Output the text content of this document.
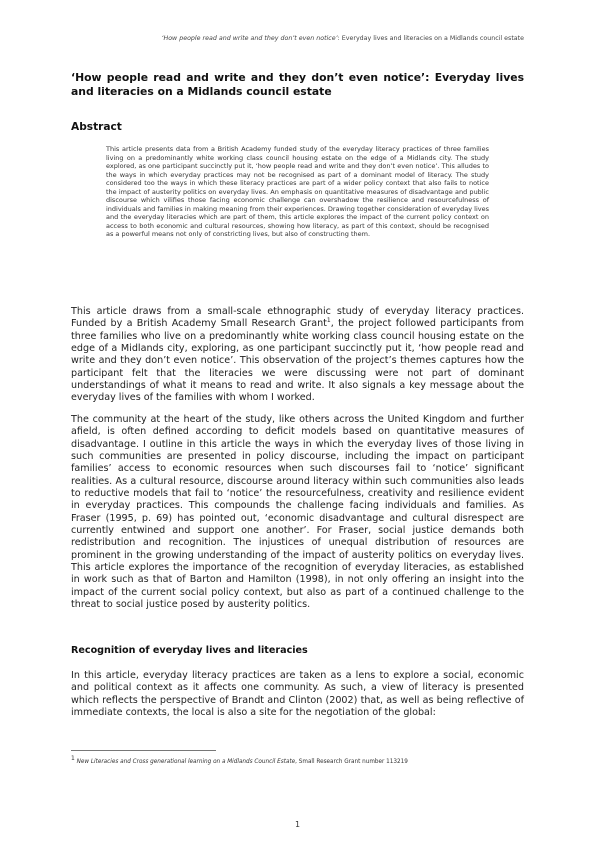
‘How people read and write and they don’t even notice’: Everyday lives and literacies on a Midlands council estate
‘How people read and write and they don’t even notice’: Everyday lives and literacies on a Midlands council estate
Abstract
This article presents data from a British Academy funded study of the everyday literacy practices of three families living on a predominantly white working class council housing estate on the edge of a Midlands city. The study explored, as one participant succinctly put it, ‘how people read and write and they don’t even notice’. This alludes to the ways in which everyday practices may not be recognised as part of a dominant model of literacy. The study considered too the ways in which these literacy practices are part of a wider policy context that also fails to notice the impact of austerity politics on everyday lives. An emphasis on quantitative measures of disadvantage and public discourse which vilifies those facing economic challenge can overshadow the resilience and resourcefulness of individuals and families in making meaning from their experiences. Drawing together consideration of everyday lives and the everyday literacies which are part of them, this article explores the impact of the current policy context on access to both economic and cultural resources, showing how literacy, as part of this context, should be recognised as a powerful means not only of constricting lives, but also of constructing them.
This article draws from a small-scale ethnographic study of everyday literacy practices. Funded by a British Academy Small Research Grant$^1$, the project followed participants from three families who live on a predominantly white working class council housing estate on the edge of a Midlands city, exploring, as one participant succinctly put it, ‘how people read and write and they don’t even notice’. This observation of the project’s themes captures how the participant felt that the literacies we were discussing were not part of dominant understandings of what it means to read and write. It also signals a key message about the everyday lives of the families with whom I worked.
The community at the heart of the study, like others across the United Kingdom and further afield, is often defined according to deficit models based on quantitative measures of disadvantage. I outline in this article the ways in which the everyday lives of those living in such communities are presented in policy discourse, including the impact on participant families’ access to economic resources when such discourses fail to ‘notice’ significant realities. As a cultural resource, discourse around literacy within such communities also leads to reductive models that fail to ‘notice’ the resourcefulness, creativity and resilience evident in everyday practices. This compounds the challenge facing individuals and families. As Fraser (1995, p. 69) has pointed out, ‘economic disadvantage and cultural disrespect are currently entwined and support one another’. For Fraser, social justice demands both redistribution and recognition. The injustices of unequal distribution of resources are prominent in the growing understanding of the impact of austerity politics on everyday lives. This article explores the importance of the recognition of everyday literacies, as established in work such as that of Barton and Hamilton (1998), in not only offering an insight into the impact of the current social policy context, but also as part of a continued challenge to the threat to social justice posed by austerity politics.
Recognition of everyday lives and literacies
In this article, everyday literacy practices are taken as a lens to explore a social, economic and political context as it affects one community. As such, a view of literacy is presented which reflects the perspective of Brandt and Clinton (2002) that, as well as being reflective of immediate contexts, the local is also a site for the negotiation of the global:
$^1$ New Literacies and Cross generational learning on a Midlands Council Estate, Small Research Grant number 113219
1
